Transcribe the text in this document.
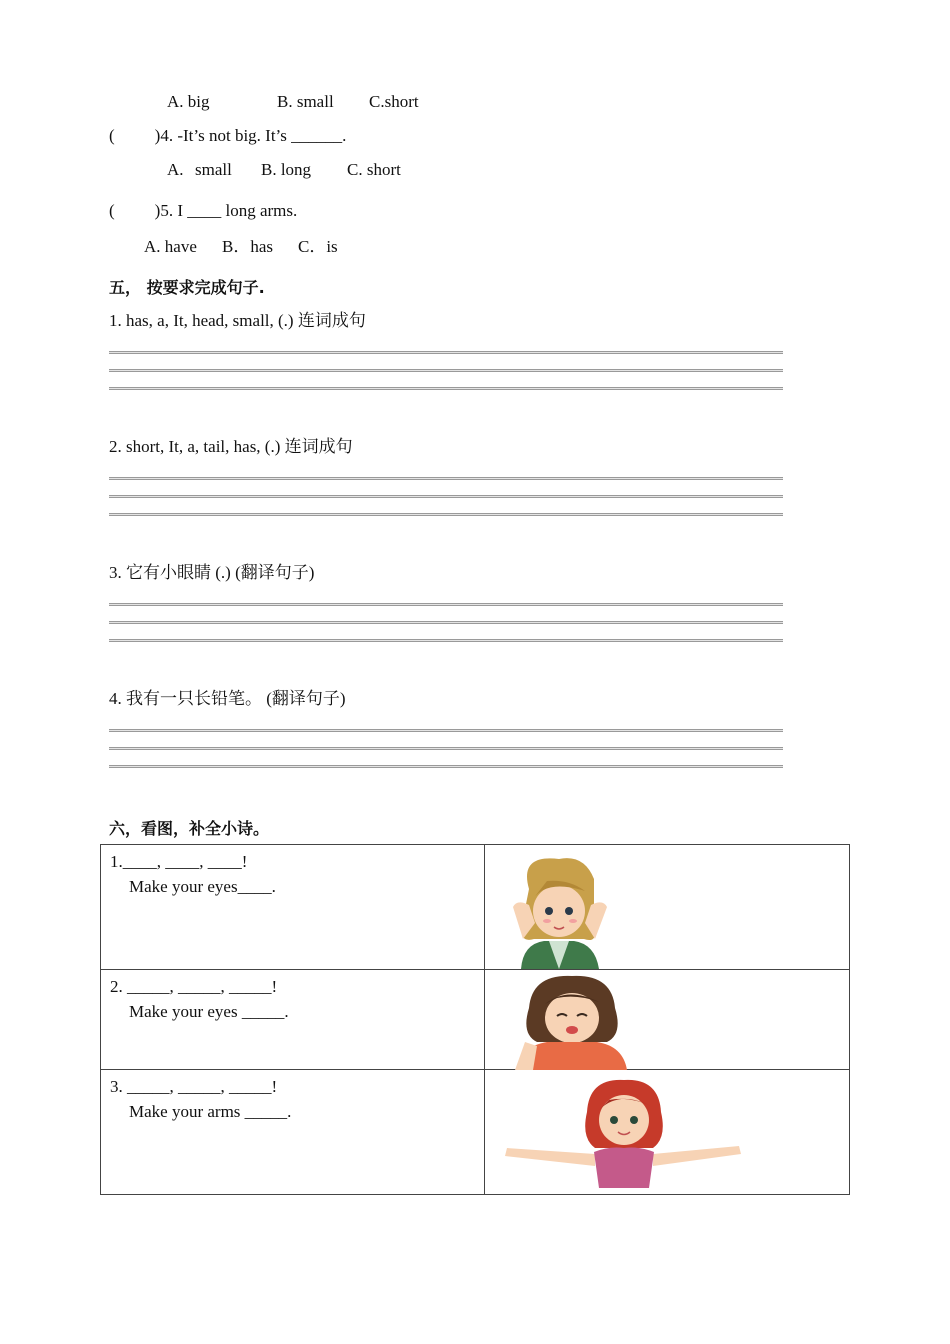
A. big	B. small C.short
( )4. -It’s not big. It’s ______.
A. small B. long C. short
( )5. I ____ long arms.
A. have B．has C．is
五， 按要求完成句子.
1. has, a, It, head, small, (.) 连词成句
2. short, It, a, tail, has, (.) 连词成句
3. 它有小眼睛 (.) (翻译句子)
4. 我有一只长铅笔。 (翻译句子)
六，看图，补全小诗。
1.____, ____, ____!
Make your eyes____.

2. _____, _____, _____!
Make your eyes _____.

3. _____, _____, _____!
Make your arms _____.
